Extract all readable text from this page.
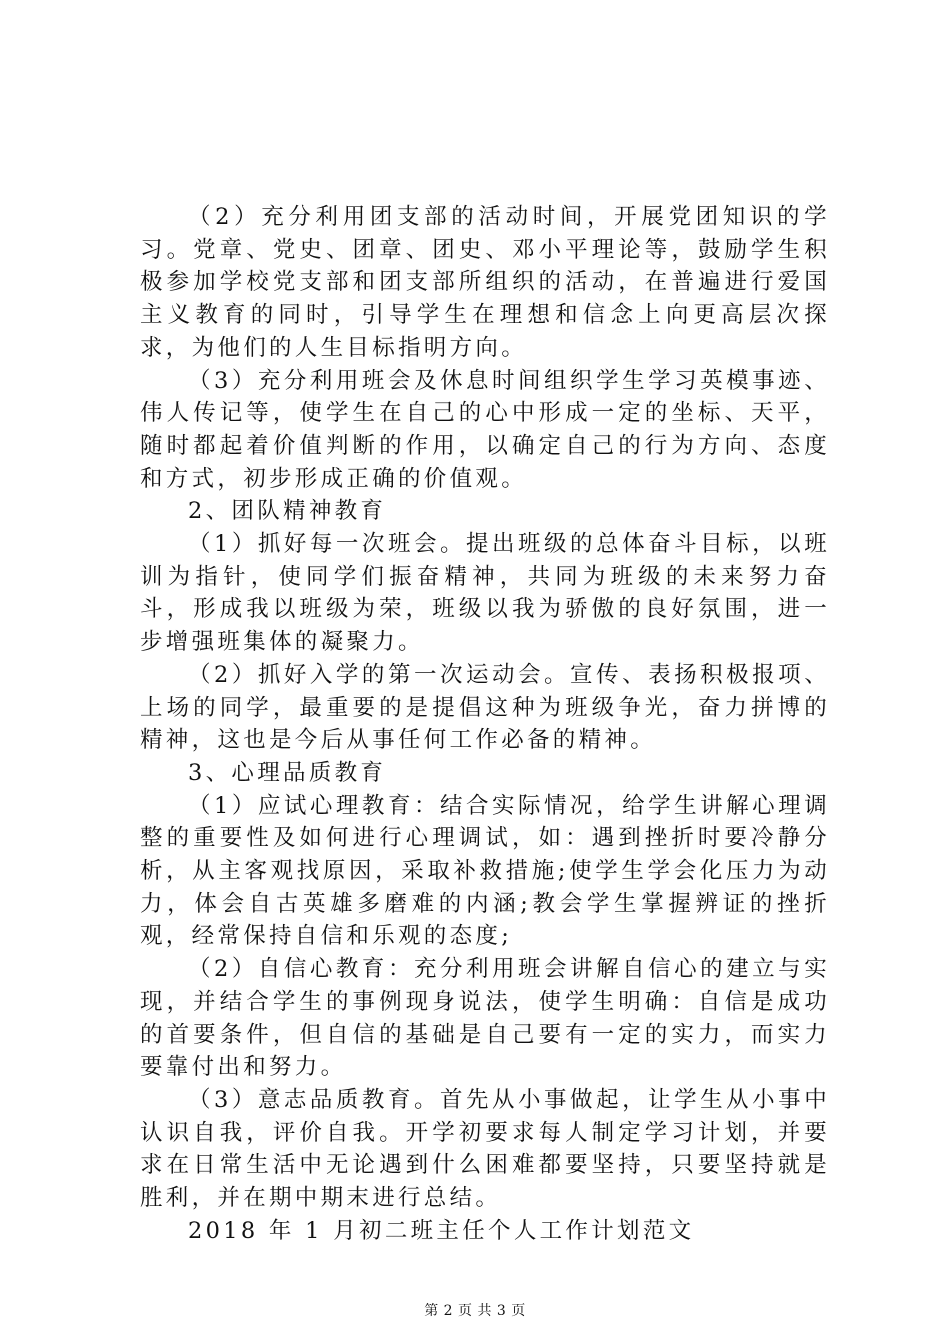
（2）充分利用团支部的活动时间，开展党团知识的学习。党章、党史、团章、团史、邓小平理论等，鼓励学生积极参加学校党支部和团支部所组织的活动，在普遍进行爱国主义教育的同时，引导学生在理想和信念上向更高层次探求，为他们的人生目标指明方向。

（3）充分利用班会及休息时间组织学生学习英模事迹、伟人传记等，使学生在自己的心中形成一定的坐标、天平，随时都起着价值判断的作用，以确定自己的行为方向、态度和方式，初步形成正确的价值观。

2、团队精神教育

（1）抓好每一次班会。提出班级的总体奋斗目标，以班训为指针，使同学们振奋精神，共同为班级的未来努力奋斗，形成我以班级为荣，班级以我为骄傲的良好氛围，进一步增强班集体的凝聚力。

（2）抓好入学的第一次运动会。宣传、表扬积极报项、上场的同学，最重要的是提倡这种为班级争光，奋力拼博的精神，这也是今后从事任何工作必备的精神。

3、心理品质教育

（1）应试心理教育：结合实际情况，给学生讲解心理调整的重要性及如何进行心理调试，如：遇到挫折时要冷静分析，从主客观找原因，采取补救措施;使学生学会化压力为动力，体会自古英雄多磨难的内涵;教会学生掌握辨证的挫折观，经常保持自信和乐观的态度;

（2）自信心教育：充分利用班会讲解自信心的建立与实现，并结合学生的事例现身说法，使学生明确：自信是成功的首要条件，但自信的基础是自己要有一定的实力，而实力要靠付出和努力。

（3）意志品质教育。首先从小事做起，让学生从小事中认识自我，评价自我。开学初要求每人制定学习计划，并要求在日常生活中无论遇到什么困难都要坚持，只要坚持就是胜利，并在期中期末进行总结。

2018 年 1 月初二班主任个人工作计划范文

第 2 页 共 3 页
